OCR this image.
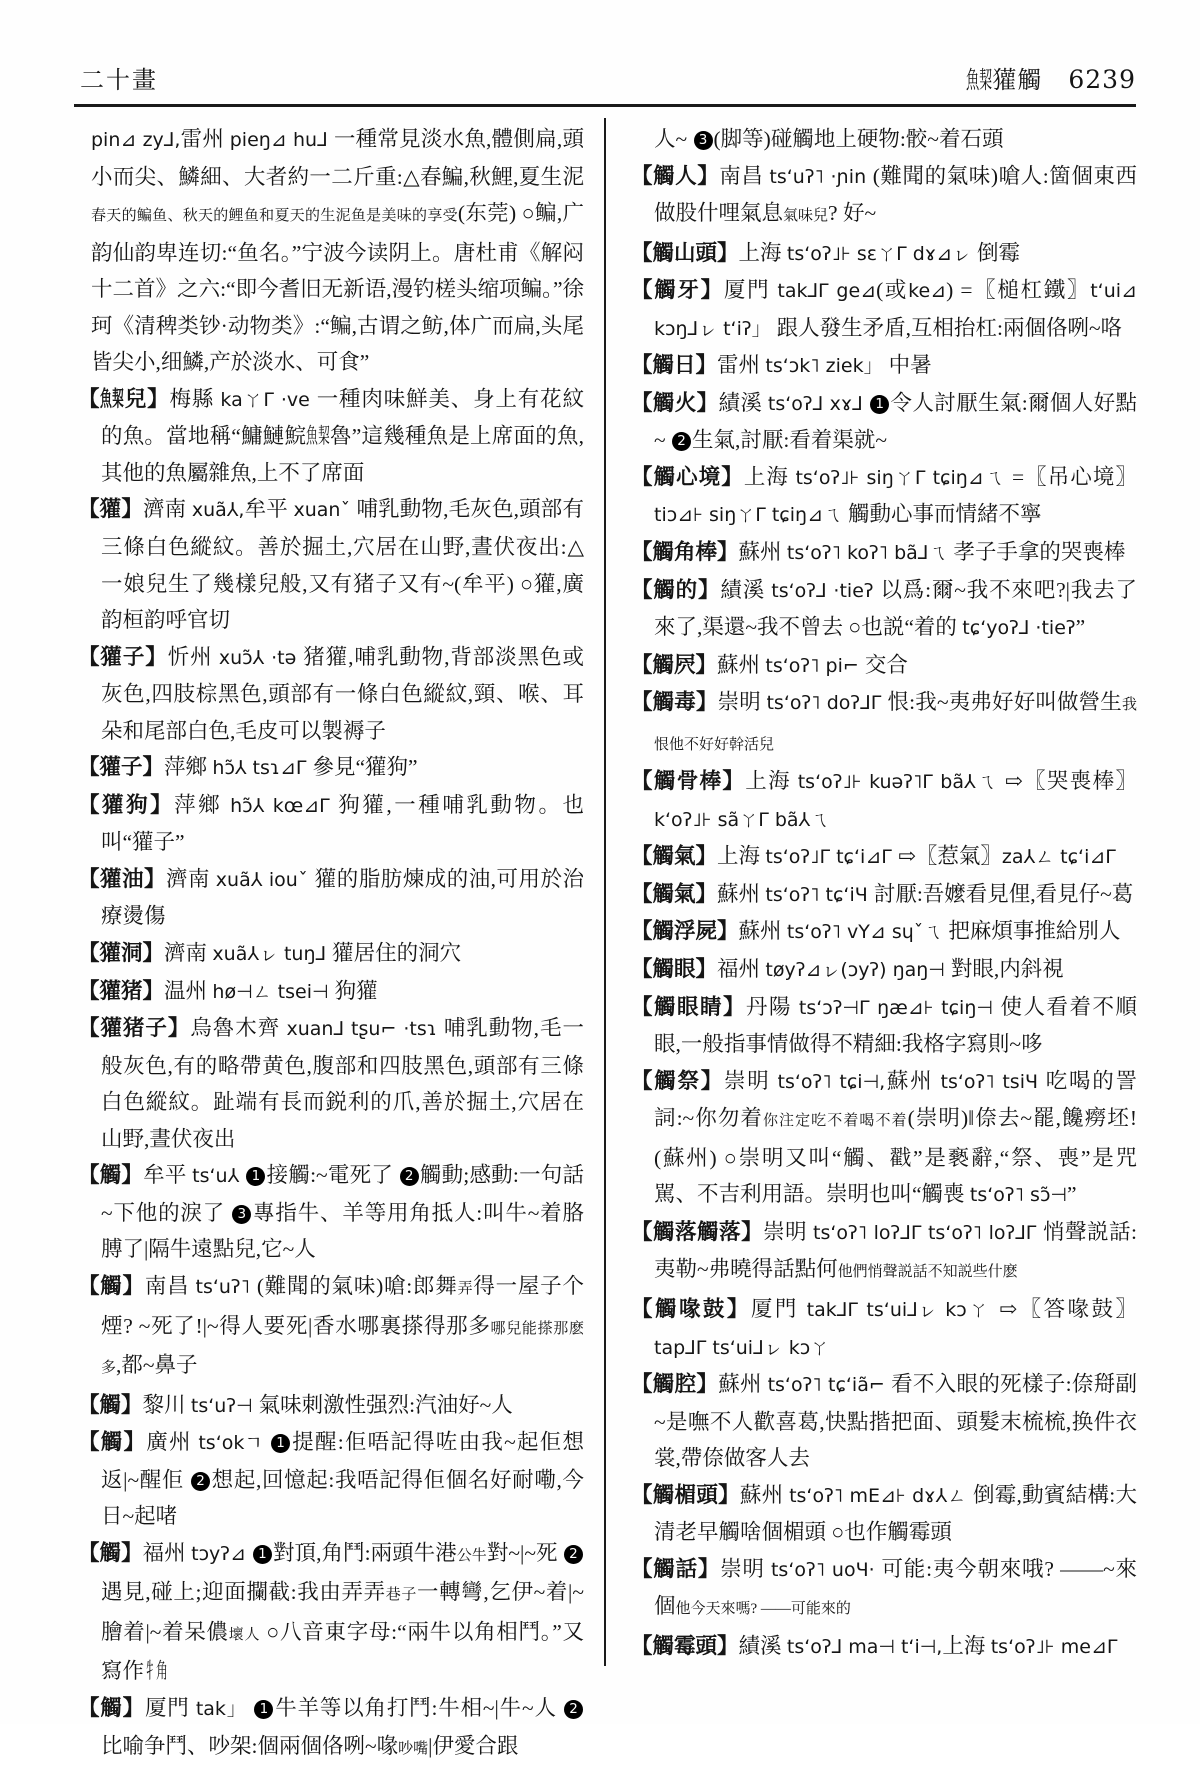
二十畫	魚栔獾觸 6239
pin⊿ zy⅃,雷州 pieŋ⊿ hu⅃ 一種常見淡水魚,體側扁,頭小而尖、鱗細、大者約一二斤重:△春鯿,秋鯉,夏生泥春天的鳊鱼、秋天的鲤鱼和夏天的生泥鱼是美味的享受(东莞) ○鳊,广韵仙韵卑连切:“鱼名。”宁波今读阴上。唐杜甫《解闷十二首》之六:“即今耆旧无新语,漫钓槎头缩项鳊。”徐珂《清稗类钞·动物类》:“鳊,古谓之鲂,体广而扁,头尾皆尖小,细鱗,产於淡水、可食”
【魚栔兒】梅縣 kaㄚΓ ·ve 一種肉味鮮美、身上有花紋的魚。當地稱“鱅鰱鯇魚栔魯”這幾種魚是上席面的魚,其他的魚屬雜魚,上不了席面
【獾】濟南 xuã⅄,牟平 xuanˇ 哺乳動物,毛灰色,頭部有三條白色縱紋。善於掘土,穴居在山野,晝伏夜出:△一娘兒生了幾樣兒般,又有猪子又有~(牟平) ○獾,廣韵桓韵呼官切
【獾子】忻州 xuɔ̃⅄ ·tə 猪獾,哺乳動物,背部淡黑色或灰色,四肢棕黑色,頭部有一條白色縱紋,頸、喉、耳朵和尾部白色,毛皮可以製褥子
【獾子】萍鄉 hɔ̃⅄ tsɿ⊿Γ 參見“獾狗”
【獾狗】萍鄉 hɔ̃⅄ kœ⊿Γ 狗獾,一種哺乳動物。也叫“獾子”
【獾油】濟南 xuã⅄ iouˇ 獾的脂肪煉成的油,可用於治療燙傷
【獾洞】濟南 xuã⅄ㇾ tuŋ⅃ 獾居住的洞穴
【獾猪】温州 hø⊣ㄥ tsei⊣ 狗獾
【獾猪子】烏魯木齊 xuan⅃ tʂu⌐ ·tsɿ 哺乳動物,毛一般灰色,有的略帶黄色,腹部和四肢黑色,頭部有三條白色縱紋。趾端有長而鋭利的爪,善於掘土,穴居在山野,晝伏夜出
【觸】牟平 tsʻu⅄ 1 接觸:~電死了 2 觸動;感動:一句話~下他的淚了 3 專指牛、羊等用角抵人:叫牛~着胳膊了|隔牛遠點兒,它~人
【觸】南昌 tsʻuʔ˥ (難聞的氣味)嗆:郎舞弄得一屋子个煙? ~死了!|~得人要死|香水哪裏搽得那多哪兒能搽那麽多,都~鼻子
【觸】黎川 tsʻuʔ⊣ 氣味刺激性强烈:汽油好~人
【觸】廣州 tsʻokㄱ 1 提醒:佢唔記得咗由我~起佢想返|~醒佢 2 想起,回憶起:我唔記得佢個名好耐嘞,今日~起啫
【觸】福州 tɔyʔ⊿ 1 對頂,角鬥:兩頭牛港公牛對~|~死 2遇見,碰上;迎面攔截:我由弄弄巷子一轉彎,乞伊~着|~膾着|~着呆儂壞人 ○八音東字母:“兩牛以角相鬥。”又寫作牜角
【觸】厦門 tak」 1 牛羊等以角打鬥:牛相~|牛~人 2比喻争鬥、吵架:個兩個佫咧~喙吵嘴|伊愛合跟
人~ 3 (脚等)碰觸地上硬物:骹~着石頭
【觸人】南昌 tsʻuʔ˥ ·ɲin (難聞的氣味)嗆人:箇個東西做股什哩氣息氣味兒? 好~
【觸山頭】上海 tsʻoʔ˩⊦ sɛㄚΓ dɤ⊿ㇾ 倒霉
【觸牙】厦門 tak⅃Γ ge⊿(或ke⊿) =〖槌杠鐵〗tʻui⊿ kɔŋ⅃ㇾ tʻiʔ」 跟人發生矛盾,互相抬杠:兩個佫咧~咯
【觸日】雷州 tsʻɔk˥ ziek」 中暑
【觸火】績溪 tsʻoʔ⅃ xɤ⅃ 1 令人討厭生氣:爾個人好點~ 2 生氣,討厭:看着渠就~
【觸心境】上海 tsʻoʔ˩⊦ siŋㄚΓ tɕiŋ⊿ㄟ =〖吊心境〗tiɔ⊿⊦ siŋㄚΓ tɕiŋ⊿ㄟ 觸動心事而情緒不寧
【觸角棒】蘇州 tsʻoʔ˥ koʔ˥ bã⅃ㄟ 孝子手拿的哭喪棒
【觸的】績溪 tsʻoʔ⅃ ·tieʔ 以爲:爾~我不來吧?|我去了來了,渠還~我不曾去 ○也説“着的 tɕʻyoʔ⅃ ·tieʔ”
【觸屄】蘇州 tsʻoʔ˥ pi⌐ 交合
【觸毒】崇明 tsʻoʔ˥ doʔ⅃Γ 恨:我~夷弗好好叫做營生我恨他不好好幹活兒
【觸骨棒】上海 tsʻoʔ˩⊦ kuəʔ˥Γ bã⅄ㄟ ⇨〖哭喪棒〗kʻoʔ˩⊦ sãㄚΓ bã⅄ㄟ
【觸氣】上海 tsʻoʔ˩Γ tɕʻi⊿Γ ⇨〖惹氣〗za⅄ㄥ tɕʻi⊿Γ
【觸氣】蘇州 tsʻoʔ˥ tɕʻiЧ 討厭:吾嬤看見俚,看見仔~葛
【觸浮屍】蘇州 tsʻoʔ˥ vY⊿ sɥˇㄟ 把麻煩事推給別人
【觸眼】福州 tøyʔ⊿ㇾ(ɔyʔ) ŋaŋ⊣ 對眼,内斜視
【觸眼睛】丹陽 tsʻɔʔ⊣Γ ŋæ⊿⊦ tɕiŋ⊣ 使人看着不順眼,一般指事情做得不精細:我格字寫則~哆
【觸祭】崇明 tsʻoʔ˥ tɕi⊣,蘇州 tsʻoʔ˥ tsiЧ 吃喝的詈詞:~你勿着你注定吃不着喝不着(崇明)‖倷去~罷,饞癆坯!(蘇州) ○崇明又叫“觸、戳”是褻辭,“祭、喪”是咒駡、不吉利用語。崇明也叫“觸喪 tsʻoʔ˥ sɔ̃⊣”
【觸落觸落】崇明 tsʻoʔ˥ loʔ⅃Γ tsʻoʔ˥ loʔ⅃Γ 悄聲説話:夷勒~弗曉得話點何他們悄聲説話不知説些什麽
【觸喙鼓】厦門 tak⅃Γ tsʻui⅃ㇾ kɔㄚ ⇨〖答喙鼓〗tap⅃Γ tsʻui⅃ㇾ kɔㄚ
【觸腔】蘇州 tsʻoʔ˥ tɕʻiã⌐ 看不入眼的死樣子:倷搿副~是嘸不人歡喜葛,快點揩把面、頭髮末梳梳,换件衣裳,帶倷做客人去
【觸楣頭】蘇州 tsʻoʔ˥ mE⊿⊦ dɤ⅄ㄥ 倒霉,動賓結構:大清老早觸啥個楣頭 ○也作觸霉頭
【觸話】崇明 tsʻoʔ˥ uoЧ· 可能:夷今朝來哦? ——~來個他今天來嗎? ——可能來的
【觸霉頭】績溪 tsʻoʔ⅃ ma⊣ tʻi⊣,上海 tsʻoʔ˩⊦ me⊿Γ
